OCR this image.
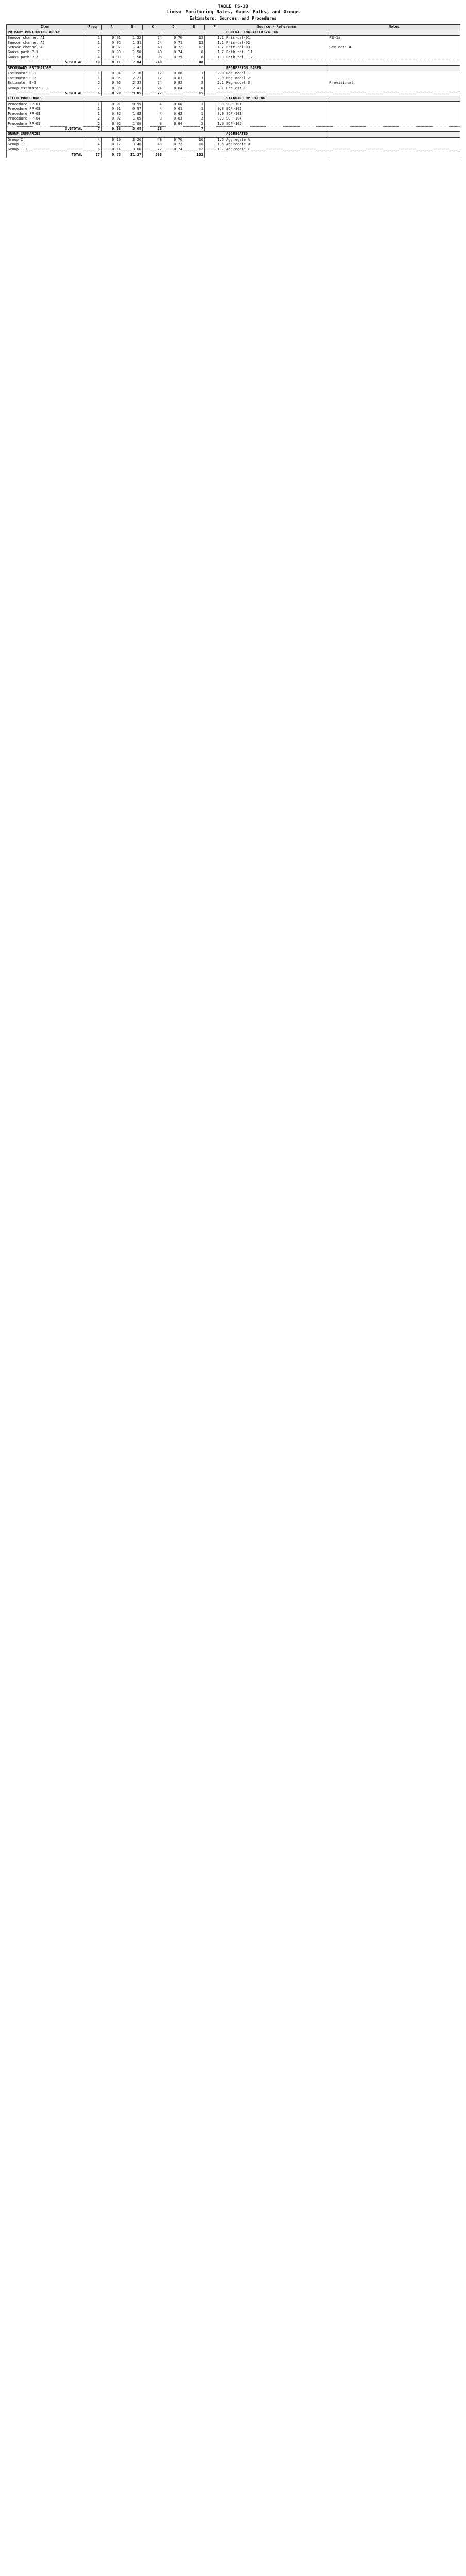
TABLE FS-3B
Linear Monitoring Rates, Gauss Paths, and Groups
Estimators, Sources, and Procedures
Item	Freq	A	B	C	D	E	F	Source / Reference	Notes
PRIMARY MONITORING ARRAY								GENERAL CHARACTERIZATION	
Sensor channel A1	1	0.01	1.23	24	0.70	12	1.1	Prim-cal-01	FS-1a
Sensor channel A2	1	0.02	1.31	24	0.71	12	1.1	Prim-cal-02	
Sensor channel A3	2	0.02	1.42	48	0.72	12	1.2	Prim-cal-03	See note 4
Gauss path P-1	2	0.03	1.50	48	0.74	6	1.2	Path ref. 11	
Gauss path P-2	4	0.03	1.58	96	0.75	6	1.3	Path ref. 12	
SUBTOTAL	10	0.11	7.04	240		48			
SECONDARY ESTIMATORS								REGRESSION BASED	
Estimator E-1	1	0.04	2.10	12	0.80	3	2.0	Reg-model 1	
Estimator E-2	1	0.05	2.21	12	0.81	3	2.0	Reg-model 2	
Estimator E-3	2	0.05	2.33	24	0.82	3	2.1	Reg-model 3	Provisional
Group estimator G-1	2	0.06	2.41	24	0.84	6	2.1	Grp-est 1	
SUBTOTAL	6	0.20	9.05	72		15			
FIELD PROCEDURES								STANDARD OPERATING	
Procedure FP-01	1	0.01	0.95	4	0.60	1	0.8	SOP-101	
Procedure FP-02	1	0.01	0.97	4	0.61	1	0.8	SOP-102	
Procedure FP-03	1	0.02	1.02	4	0.62	1	0.9	SOP-103	
Procedure FP-04	2	0.02	1.05	8	0.63	2	0.9	SOP-104	
Procedure FP-05	2	0.02	1.09	8	0.64	2	1.0	SOP-105	
SUBTOTAL	7	0.08	5.08	28		7			
GROUP SUMMARIES								AGGREGATED	
Group I	4	0.10	3.20	48	0.70	10	1.5	Aggregate A	
Group II	4	0.12	3.40	48	0.72	10	1.6	Aggregate B	
Group III	6	0.14	3.60	72	0.74	12	1.7	Aggregate C	
TOTAL	37	0.75	31.37	508		102			
